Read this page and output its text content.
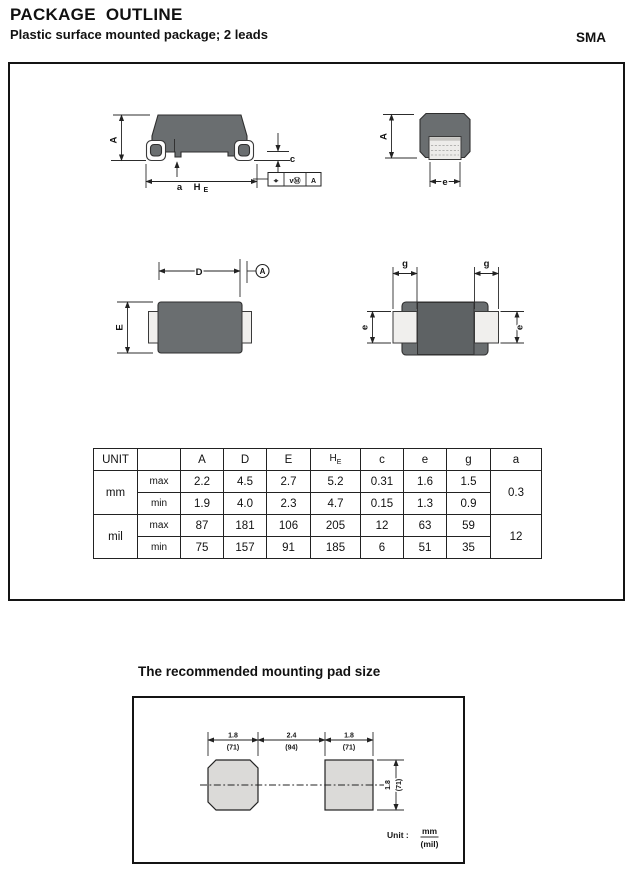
PACKAGE  OUTLINE
Plastic surface mounted package; 2 leads	SMA
A
a H E
c
⌖ vⓂ A
A
e
D	A
E
g	g
e	e
UNIT		A	D	E	$H_E$	c	e	g	a
mm	max	2.2	4.5	2.7	5.2	0.31	1.6	1.5	0.3
	min	1.9	4.0	2.3	4.7	0.15	1.3	0.9	
mil	max	87	181	106	205	12	63	59	12
	min	75	157	91	185	6	51	35	
The recommended mounting pad size
1.8
(71)
2.4
(94)
1.8
(71)
1.8 (71)
Unit : mm
(mil)
